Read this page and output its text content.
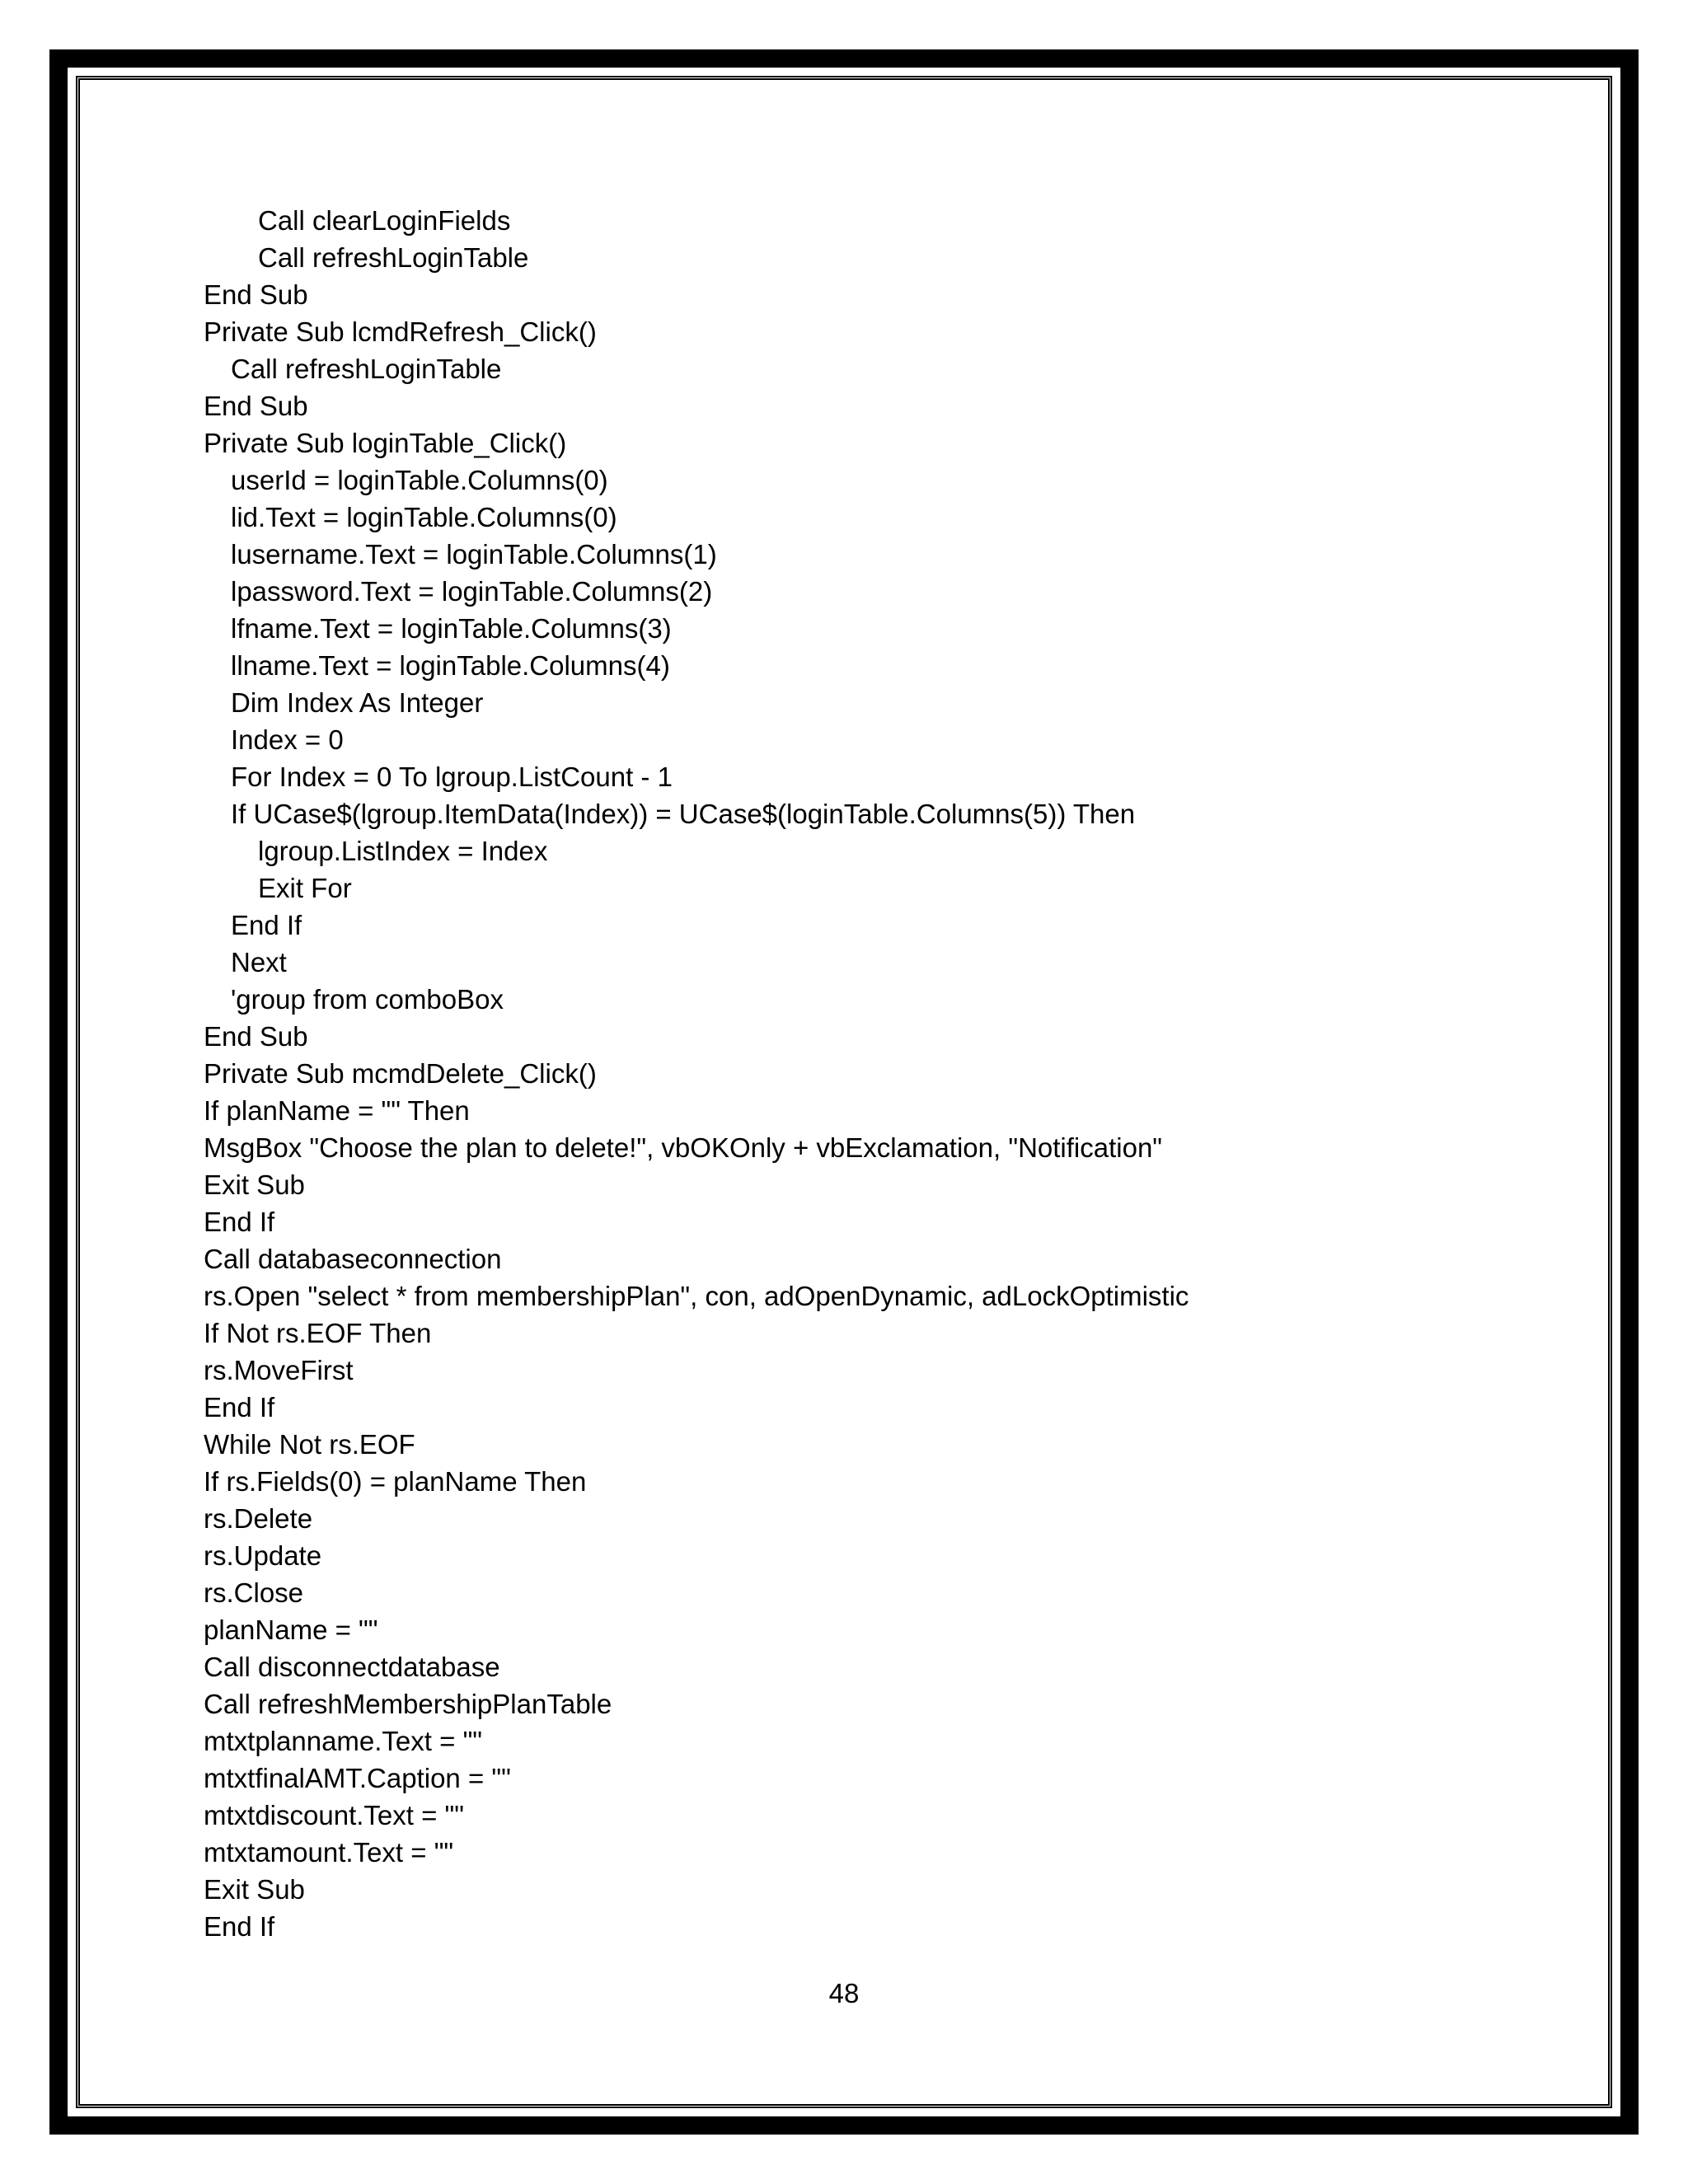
Call clearLoginFields
Call refreshLoginTable
End Sub
Private Sub lcmdRefresh_Click()
Call refreshLoginTable
End Sub
Private Sub loginTable_Click()
userId = loginTable.Columns(0)
lid.Text = loginTable.Columns(0)
lusername.Text = loginTable.Columns(1)
lpassword.Text = loginTable.Columns(2)
lfname.Text = loginTable.Columns(3)
llname.Text = loginTable.Columns(4)
Dim Index As Integer
Index = 0
For Index = 0 To lgroup.ListCount - 1
If UCase$(lgroup.ItemData(Index)) = UCase$(loginTable.Columns(5)) Then
lgroup.ListIndex = Index
Exit For
End If
Next
'group from comboBox
End Sub
Private Sub mcmdDelete_Click()
If planName = "" Then
MsgBox "Choose the plan to delete!", vbOKOnly + vbExclamation, "Notification"
Exit Sub
End If
Call databaseconnection
rs.Open "select * from membershipPlan", con, adOpenDynamic, adLockOptimistic
If Not rs.EOF Then
rs.MoveFirst
End If
While Not rs.EOF
If rs.Fields(0) = planName Then
rs.Delete
rs.Update
rs.Close
planName = ""
Call disconnectdatabase
Call refreshMembershipPlanTable
mtxtplanname.Text = ""
mtxtfinalAMT.Caption = ""
mtxtdiscount.Text = ""
mtxtamount.Text = ""
Exit Sub
End If
48
